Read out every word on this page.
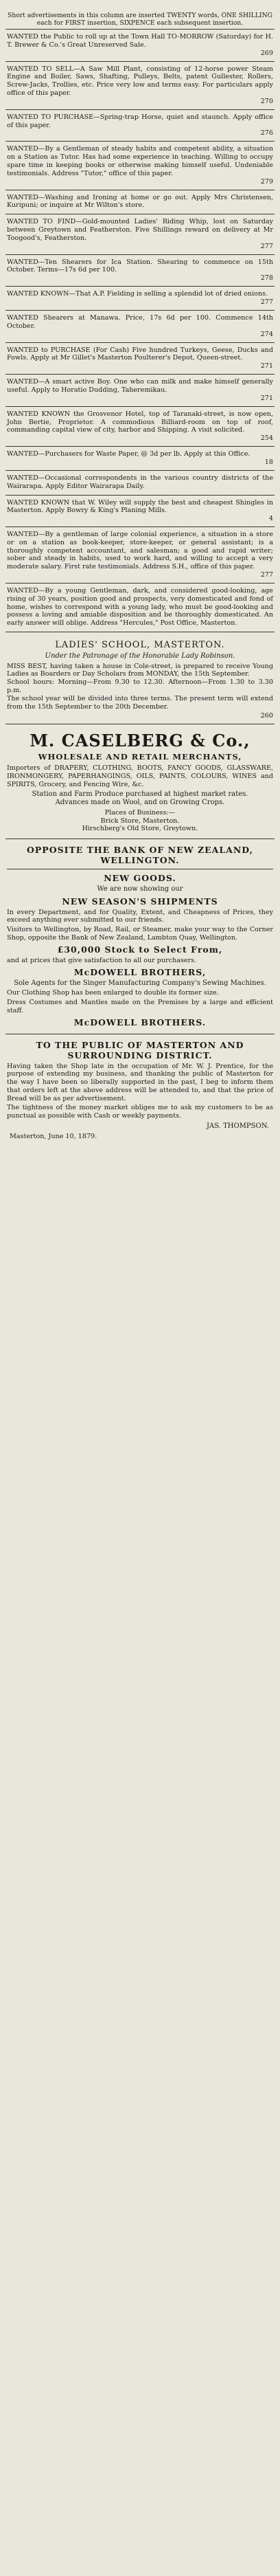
Short advertisements in this column are inserted TWENTY words, ONE SHILLING each for FIRST insertion, SIXPENCE each subsequent insertion.

WANTED the Public to roll up at the Town Hall TO-MORROW (Saturday) for H. T. Brewer & Co.'s Great Unreserved Sale.

269

WANTED TO SELL—A Saw Mill Plant, consisting of 12-horse power Steam Engine and Boiler, Saws, Shafting, Pulleys, Belts, patent Gullester, Rollers, Screw-Jacks, Trollies, etc. Price very low and terms easy. For particulars apply office of this paper.

270

WANTED TO PURCHASE—Spring-trap Horse, quiet and staunch. Apply office of this paper.

276

WANTED—By a Gentleman of steady habits and competent ability, a situation on a Station as Tutor. Has had some experience in teaching. Willing to occupy spare time in keeping books or otherwise making himself useful. Undeniable testimonials. Address "Tutor," office of this paper.

279

WANTED—Washing and Ironing at home or go out. Apply Mrs Christensen, Kuripuni; or inquire at Mr Wilton's store.

WANTED TO FIND—Gold-mounted Ladies' Riding Whip, lost on Saturday between Greytown and Featherston. Five Shillings reward on delivery at Mr Toogood's, Featherston.

277

WANTED—Ten Shearers for Ica Station. Shearing to commence on 15th October. Terms—17s 6d per 100.

278

WANTED KNOWN—That A.P. Fielding is selling a splendid lot of dried onions.

277

WANTED Shearers at Manawa. Price, 17s 6d per 100. Commence 14th October.

274

WANTED to PURCHASE (For Cash) Five hundred Turkeys, Geese, Ducks and Fowls. Apply at Mr Gillet's Masterton Poulterer's Depot, Queen-street.

271

WANTED—A smart active Boy. One who can milk and make himself generally useful. Apply to Horatio Dudding, Taheremikau.

271

WANTED KNOWN the Grosvenor Hotel, top of Taranaki-street, is now open, John Bertie, Proprietor. A commodious Billiard-room on top of roof, commanding capital view of city, harbor and Shipping. A visit solicited.

254

WANTED—Purchasers for Waste Paper, @ 3d per lb. Apply at this Office.

18

WANTED—Occasional correspondents in the various country districts of the Wairarapa. Apply Editor Wairarapa Daily.

WANTED KNOWN that W. Wiley will supply the best and cheapest Shingles in Masterton. Apply Bowry & King's Planing Mills.

4

WANTED—By a gentleman of large colonial experience, a situation in a store or on a station as book-keeper, store-keeper, or general assistant; is a thoroughly competent accountant, and salesman; a good and rapid writer; sober and steady in habits, used to work hard, and willing to accept a very moderate salary. First rate testimonials. Address S.H., office of this paper.

277

WANTED—By a young Gentleman, dark, and considered good-looking, age rising of 30 years, position good and prospects, very domesticated and fond of home, wishes to correspond with a young lady, who must be good-looking and possess a loving and amiable disposition and be thoroughly domesticated. An early answer will oblige. Address "Hercules," Post Office, Masterton.

LADIES' SCHOOL, MASTERTON.

Under the Patronage of the Honorable Lady Robinson.

MISS BEST, having taken a house in Cole-street, is prepared to receive Young Ladies as Boarders or Day Scholars from MONDAY, the 15th September.
School hours: Morning—From 9.30 to 12.30. Afternoon—From 1.30 to 3.30 p.m.
The school year will be divided into three terms. The present term will extend from the 15th September to the 20th December.

260

M. CASELBERG & Co.,

WHOLESALE AND RETAIL MERCHANTS,

Importers of DRAPERY, CLOTHING, BOOTS, FANCY GOODS, GLASSWARE, IRONMONGERY, PAPERHANGINGS, OILS, PAINTS, COLOURS, WINES and SPIRITS, Grocery, and Fencing Wire, &c.

Station and Farm Produce purchased at highest market rates.

Advances made on Wool, and on Growing Crops.

Places of Business:—
Brick Store, Masterton.
Hirschberg's Old Store, Greytown.

OPPOSITE THE BANK OF NEW ZEALAND, WELLINGTON.

NEW GOODS.

We are now showing our

NEW SEASON'S SHIPMENTS

In every Department, and for Quality, Extent, and Cheapness of Prices, they exceed anything ever submitted to our friends.

Visitors to Wellington, by Road, Rail, or Steamer, make your way to the Corner Shop, opposite the Bank of New Zealand, Lambton Quay, Wellington.

£30,000 Stock to Select From,

and at prices that give satisfaction to all our purchasers.

McDOWELL BROTHERS,

Sole Agents for the Singer Manufacturing Company's Sewing Machines.

Our Clothing Shop has been enlarged to double its former size.

Dress Costumes and Mantles made on the Premises by a large and efficient staff.

McDOWELL BROTHERS.

TO THE PUBLIC OF MASTERTON AND SURROUNDING DISTRICT.

Having taken the Shop late in the occupation of Mr. W. J. Prentice, for the purpose of extending my business, and thanking the public of Masterton for the way I have been so liberally supported in the past, I beg to inform them that orders left at the above address will be attended to, and that the price of Bread will be as per advertisement.

The tightness of the money market obliges me to ask my customers to be as punctual as possible with Cash or weekly payments.

JAS. THOMPSON.

Masterton, June 10, 1879.
